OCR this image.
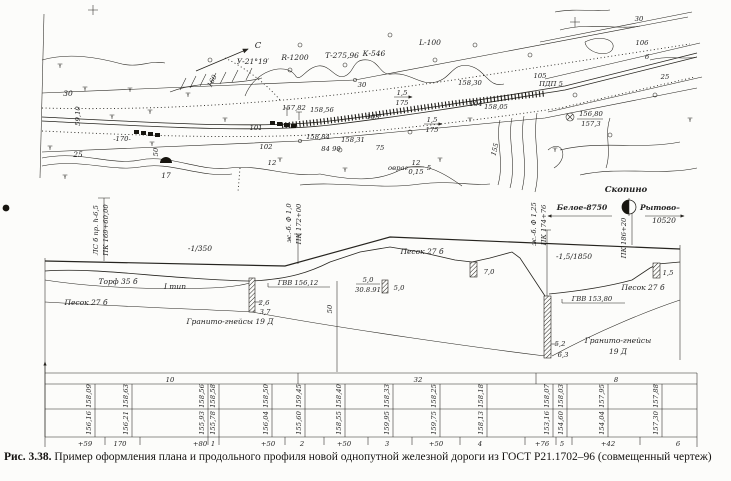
С
У-21°19′ R-1200 Т-275,96 К-546
L-100
160
30
59,10
-170-
25	50
17
101
102
157,82 158,56
103
158,84
84 90
158,31
75
12
овраг
12
0,15 5
1,5
175
1,5
175
30	158,30
104 158,05
105
ПДП 5
155
156,80
157,3
30
106
6
25
ЛС б пр. h-6,5 ПК 169+60,00	-1/350
Торф 35 б
I тип
Песок 27 б
Гранито-гнейсы 19 Д
ГВВ 156,12
2,6
3,7
ж.-б. Ф 1,0 ПК 172+00
5,0
30.8.91 5,0
50
Песок 27 б
7,0
ж.-б. Ф 1,25 ПК 174+76
-1,5/1850
Белое-8750
Скопино
Рытово–
10520
ПК 186+20
1,5
Песок 27 б
ГВВ 153,80
5,2
6,3
Гранито-гнейсы
19 Д
10	32	8
158,09	158,63	158,56 158,58	158,50	159,45	158,40	158,33	158,25	158,18	158,07 158,03	157,95	157,88
156,16	156,21	155,93 155,78	156,04	155,60	158,55	159,95	159,75	158,13	153,16 154,60	154,04	157,30
+59	170	+80 1	+50	2	+50	3	+50	4	+76 5	+42	6
Рис. 3.38. Пример оформления плана и продольного профиля новой однопутной железной дороги из ГОСТ Р21.1702–96 (совмещенный чертеж)
